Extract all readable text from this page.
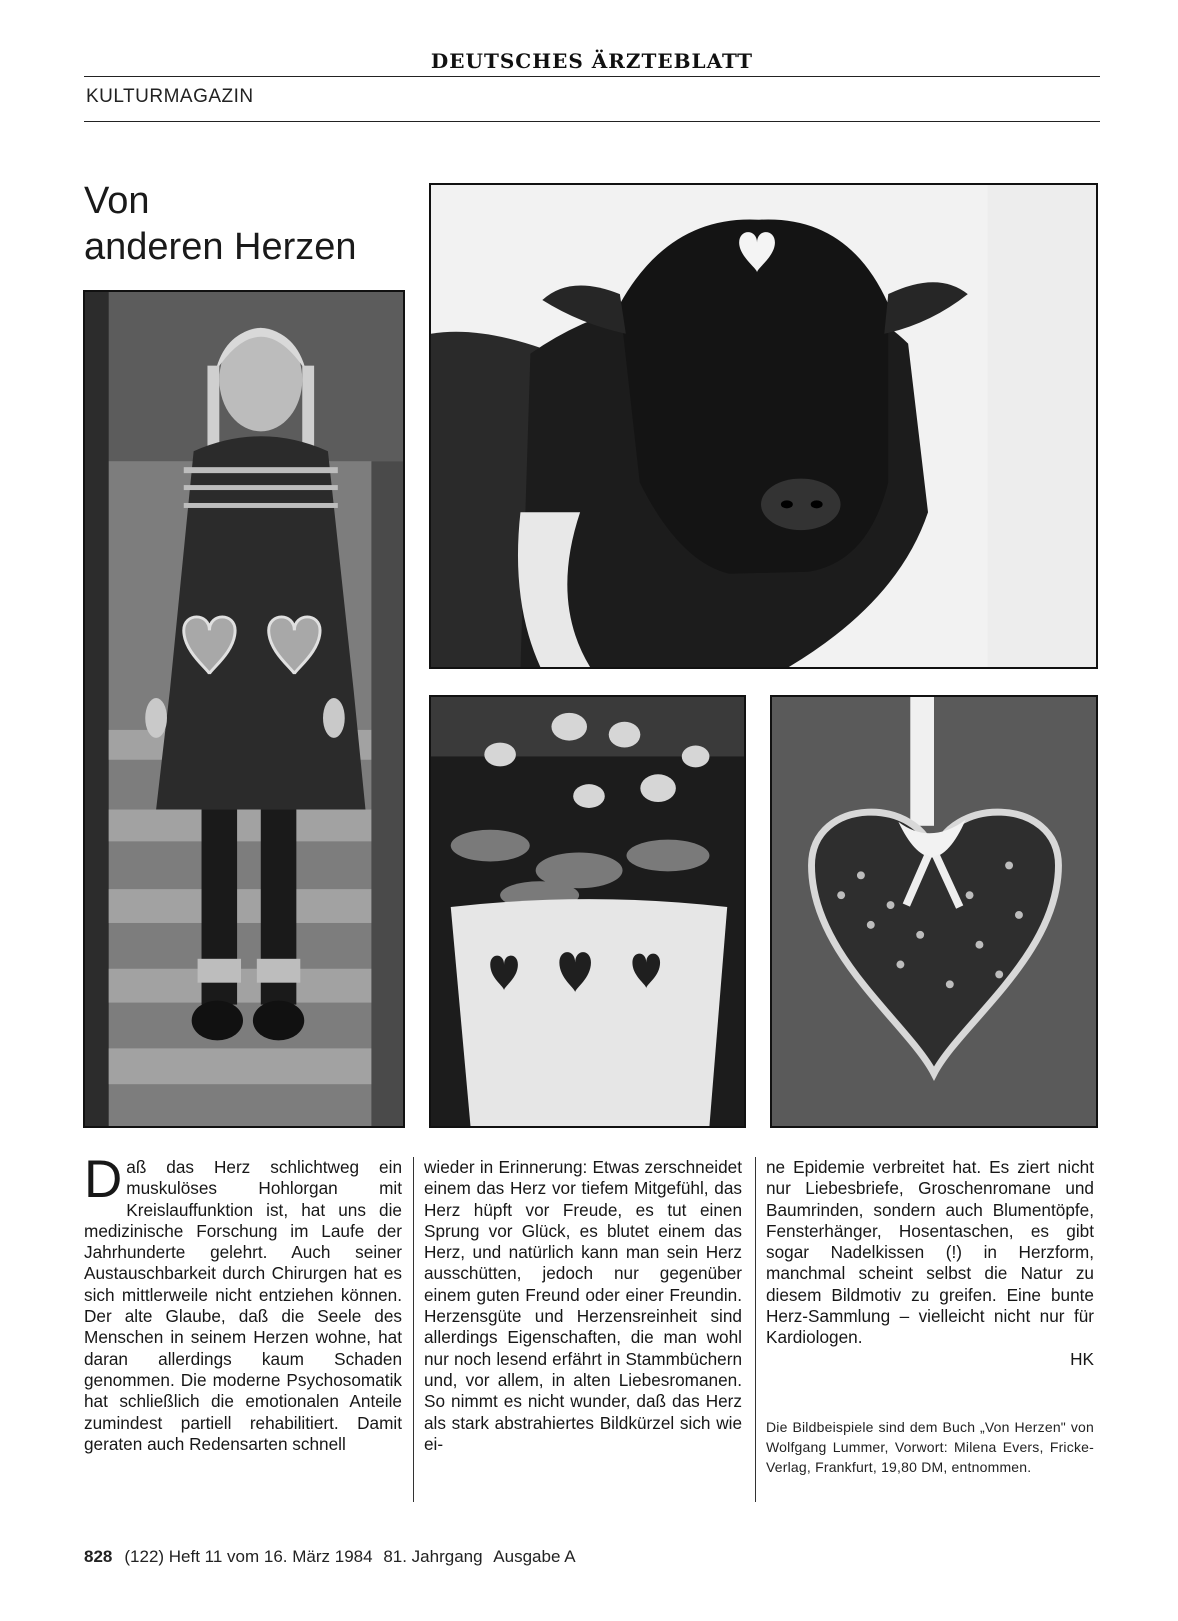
DEUTSCHES ÄRZTEBLATT
KULTURMAGAZIN
Von
anderen Herzen

Daß das Herz schlichtweg ein muskulöses Hohlorgan mit Kreislauffunktion ist, hat uns die medizinische Forschung im Laufe der Jahrhunderte gelehrt. Auch seiner Austauschbarkeit durch Chirurgen hat es sich mittlerweile nicht entziehen können. Der alte Glaube, daß die Seele des Menschen in seinem Herzen wohne, hat daran allerdings kaum Schaden genommen. Die moderne Psychosomatik hat schließlich die emotionalen Anteile zumindest partiell rehabilitiert. Damit geraten auch Redensarten schnell

wieder in Erinnerung: Etwas zerschneidet einem das Herz vor tiefem Mitgefühl, das Herz hüpft vor Freude, es tut einen Sprung vor Glück, es blutet einem das Herz, und natürlich kann man sein Herz ausschütten, jedoch nur gegenüber einem guten Freund oder einer Freundin. Herzensgüte und Herzensreinheit sind allerdings Eigenschaften, die man wohl nur noch lesend erfährt in Stammbüchern und, vor allem, in alten Liebesromanen. So nimmt es nicht wunder, daß das Herz als stark abstrahiertes Bildkürzel sich wie ei-

ne Epidemie verbreitet hat. Es ziert nicht nur Liebesbriefe, Groschenromane und Baumrinden, sondern auch Blumentöpfe, Fensterhänger, Hosentaschen, es gibt sogar Nadelkissen (!) in Herzform, manchmal scheint selbst die Natur zu diesem Bildmotiv zu greifen. Eine bunte Herz-Sammlung – vielleicht nicht nur für Kardiologen.

HK
Die Bildbeispiele sind dem Buch „Von Herzen" von Wolfgang Lummer, Vorwort: Milena Evers, Fricke-Verlag, Frankfurt, 19,80 DM, entnommen.
828 (122) Heft 11 vom 16. März 1984 81. Jahrgang Ausgabe A
